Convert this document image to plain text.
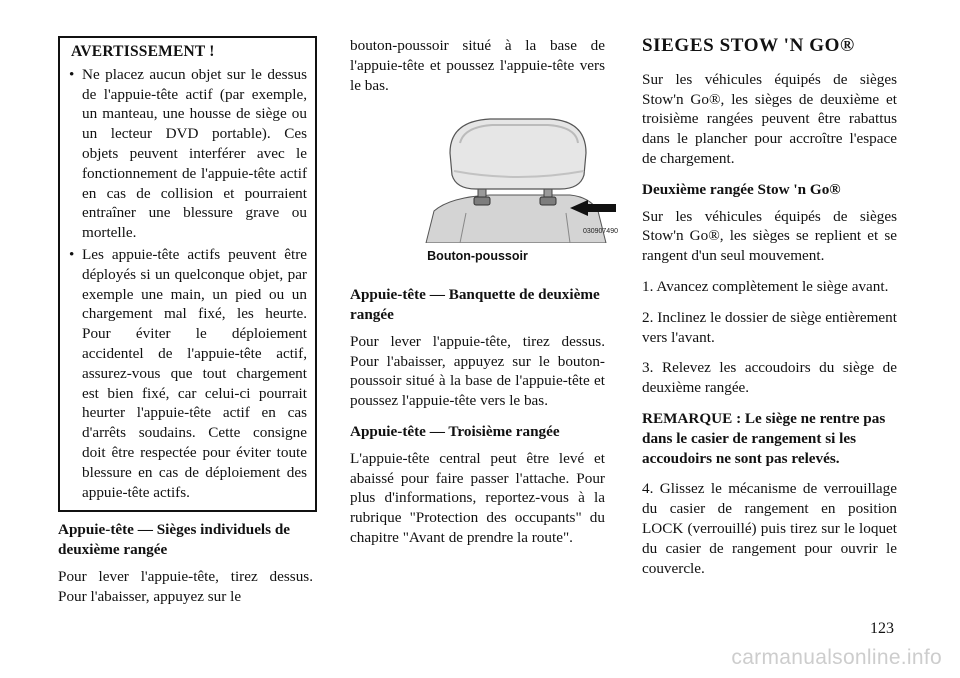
AVERTISSEMENT !
• Ne placez aucun objet sur le dessus de l'appuie-tête actif (par exemple, un manteau, une housse de siège ou un lecteur DVD portable). Ces objets peuvent interférer avec le fonctionnement de l'appuie-tête actif en cas de collision et pourraient entraîner une blessure grave ou mortelle.
• Les appuie-tête actifs peuvent être déployés si un quelconque objet, par exemple une main, un pied ou un chargement mal fixé, les heurte. Pour éviter le déploiement accidentel de l'appuie-tête actif, assurez-vous que tout chargement est bien fixé, car celui-ci pourrait heurter l'appuie-tête actif en cas d'arrêts soudains. Cette consigne doit être respectée pour éviter toute blessure en cas de déploiement des appuie-tête actifs.
Appuie-tête — Sièges individuels de deuxième rangée

Pour lever l'appuie-tête, tirez dessus. Pour l'abaisser, appuyez sur le

bouton-poussoir situé à la base de l'appuie-tête et poussez l'appuie-tête vers le bas.

030907490
Bouton-poussoir
Appuie-tête — Banquette de deuxième rangée

Pour lever l'appuie-tête, tirez dessus. Pour l'abaisser, appuyez sur le bouton-poussoir situé à la base de l'appuie-tête et poussez l'appuie-tête vers le bas.

Appuie-tête — Troisième rangée

L'appuie-tête central peut être levé et abaissé pour faire passer l'attache. Pour plus d'informations, reportez-vous à la rubrique "Protection des occupants" du chapitre "Avant de prendre la route".

SIEGES STOW 'N GO®

Sur les véhicules équipés de sièges Stow'n Go®, les sièges de deuxième et troisième rangées peuvent être rabattus dans le plancher pour accroître l'espace de chargement.

Deuxième rangée Stow 'n Go®

Sur les véhicules équipés de sièges Stow'n Go®, les sièges se replient et se rangent d'un seul mouvement.

1. Avancez complètement le siège avant.

2. Inclinez le dossier de siège entièrement vers l'avant.

3. Relevez les accoudoirs du siège de deuxième rangée.

REMARQUE : Le siège ne rentre pas dans le casier de rangement si les accoudoirs ne sont pas relevés.

4. Glissez le mécanisme de verrouillage du casier de rangement en position LOCK (verrouillé) puis tirez sur le loquet du casier de rangement pour ouvrir le couvercle.

123
carmanualsonline.info
